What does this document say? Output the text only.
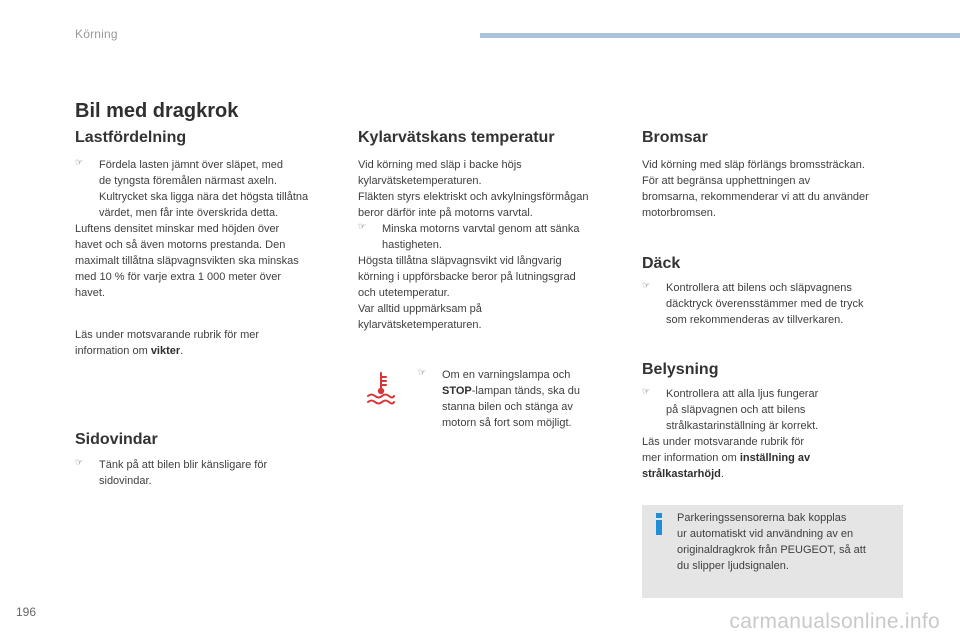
Körning
Bil med dragkrok
Lastfördelning
☞ Fördela lasten jämnt över släpet, med

de tyngsta föremålen närmast axeln.

Kultrycket ska ligga nära det högsta tillåtna

värdet, men får inte överskrida detta.

Luftens densitet minskar med höjden över

havet och så även motorns prestanda. Den

maximalt tillåtna släpvagnsvikten ska minskas

med 10 % för varje extra 1 000 meter över

havet.

Läs under motsvarande rubrik för mer

information om vikter.

Sidovindar
☞ Tänk på att bilen blir känsligare för

sidovindar.

Kylarvätskans temperatur

Vid körning med släp i backe höjs

kylarvätsketemperaturen.

Fläkten styrs elektriskt och avkylningsförmågan

beror därför inte på motorns varvtal.

☞ Minska motorns varvtal genom att sänka

hastigheten.

Högsta tillåtna släpvagnsvikt vid långvarig

körning i uppförsbacke beror på lutningsgrad

och utetemperatur.

Var alltid uppmärksam på

kylarvätsketemperaturen.

☞ Om en varningslampa och

STOP-lampan tänds, ska du

stanna bilen och stänga av

motorn så fort som möjligt.

Bromsar

Vid körning med släp förlängs bromssträckan.

För att begränsa upphettningen av

bromsarna, rekommenderar vi att du använder

motorbromsen.

Däck
☞ Kontrollera att bilens och släpvagnens

däcktryck överensstämmer med de tryck

som rekommenderas av tillverkaren.

Belysning
☞ Kontrollera att alla ljus fungerar

på släpvagnen och att bilens

strålkastarinställning är korrekt.

Läs under motsvarande rubrik för

mer information om inställning av

strålkastarhöjd.

Parkeringssensorerna bak kopplas

ur automatiskt vid användning av en

originaldragkrok från PEUGEOT, så att

du slipper ljudsignalen.

196	carmanualsonline.info
